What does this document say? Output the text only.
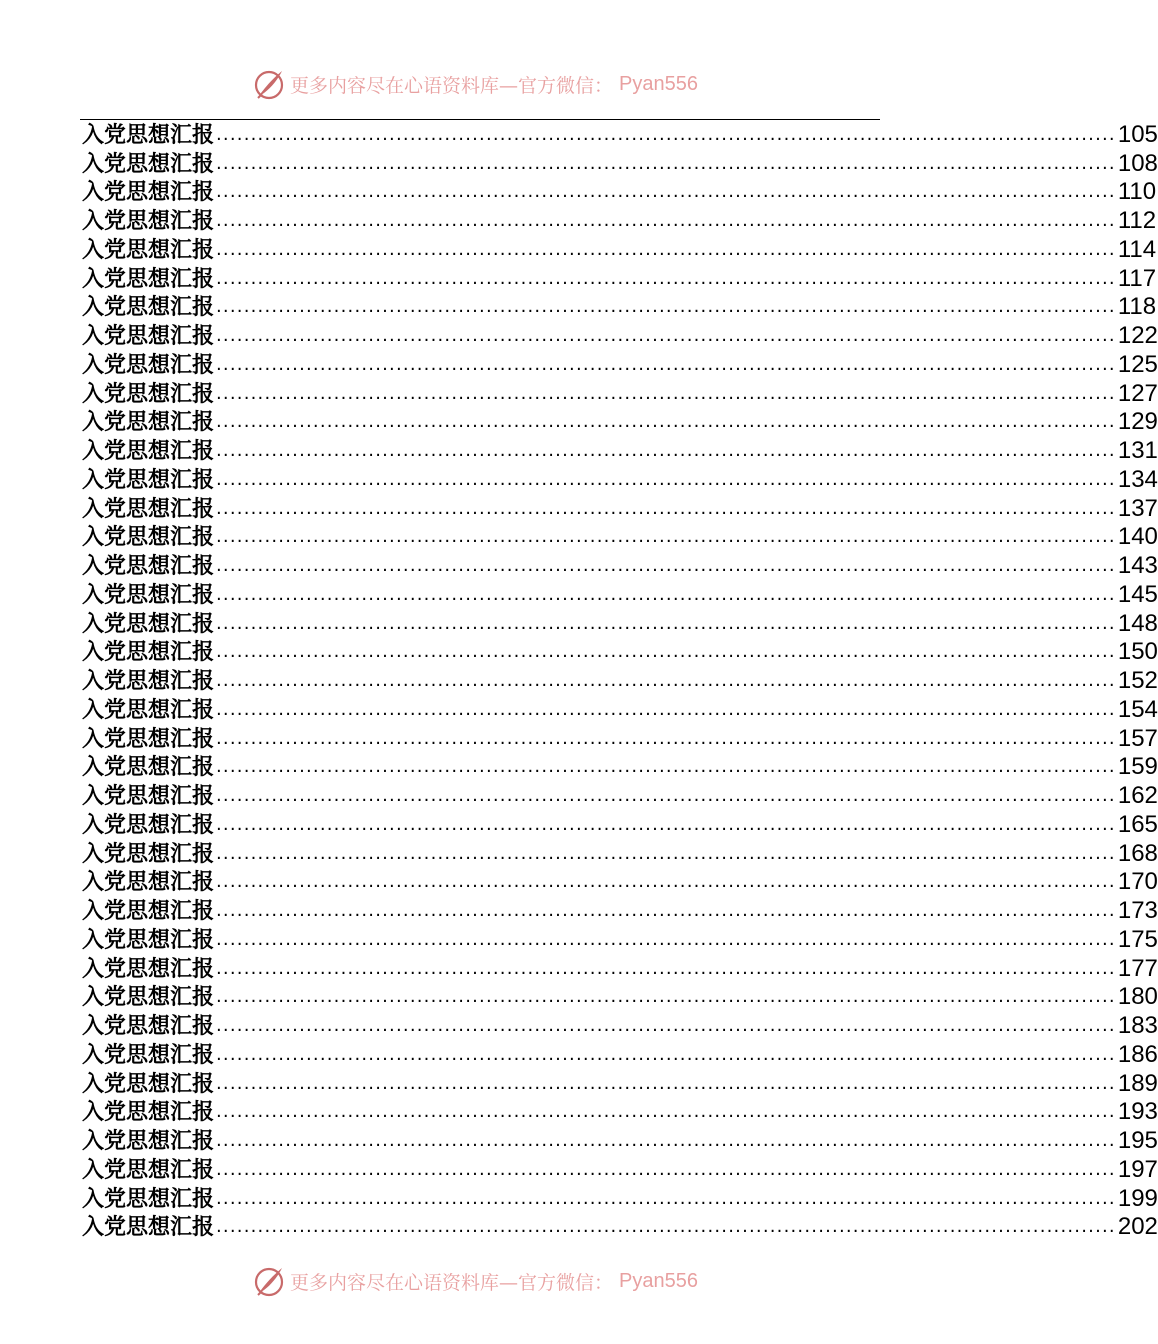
更多内容尽在心语资料库—官方微信： Pyan556
入党思想汇报 .................................................................................................................................. 105
入党思想汇报 .................................................................................................................................. 108
入党思想汇报 .................................................................................................................................. 110
入党思想汇报 .................................................................................................................................. 112
入党思想汇报 .................................................................................................................................. 114
入党思想汇报 .................................................................................................................................. 117
入党思想汇报 .................................................................................................................................. 118
入党思想汇报 .................................................................................................................................. 122
入党思想汇报 .................................................................................................................................. 125
入党思想汇报 .................................................................................................................................. 127
入党思想汇报 .................................................................................................................................. 129
入党思想汇报 .................................................................................................................................. 131
入党思想汇报 .................................................................................................................................. 134
入党思想汇报 .................................................................................................................................. 137
入党思想汇报 .................................................................................................................................. 140
入党思想汇报 .................................................................................................................................. 143
入党思想汇报 .................................................................................................................................. 145
入党思想汇报 .................................................................................................................................. 148
入党思想汇报 .................................................................................................................................. 150
入党思想汇报 .................................................................................................................................. 152
入党思想汇报 .................................................................................................................................. 154
入党思想汇报 .................................................................................................................................. 157
入党思想汇报 .................................................................................................................................. 159
入党思想汇报 .................................................................................................................................. 162
入党思想汇报 .................................................................................................................................. 165
入党思想汇报 .................................................................................................................................. 168
入党思想汇报 .................................................................................................................................. 170
入党思想汇报 .................................................................................................................................. 173
入党思想汇报 .................................................................................................................................. 175
入党思想汇报 .................................................................................................................................. 177
入党思想汇报 .................................................................................................................................. 180
入党思想汇报 .................................................................................................................................. 183
入党思想汇报 .................................................................................................................................. 186
入党思想汇报 .................................................................................................................................. 189
入党思想汇报 .................................................................................................................................. 193
入党思想汇报 .................................................................................................................................. 195
入党思想汇报 .................................................................................................................................. 197
入党思想汇报 .................................................................................................................................. 199
入党思想汇报 .................................................................................................................................. 202
更多内容尽在心语资料库—官方微信： Pyan556
